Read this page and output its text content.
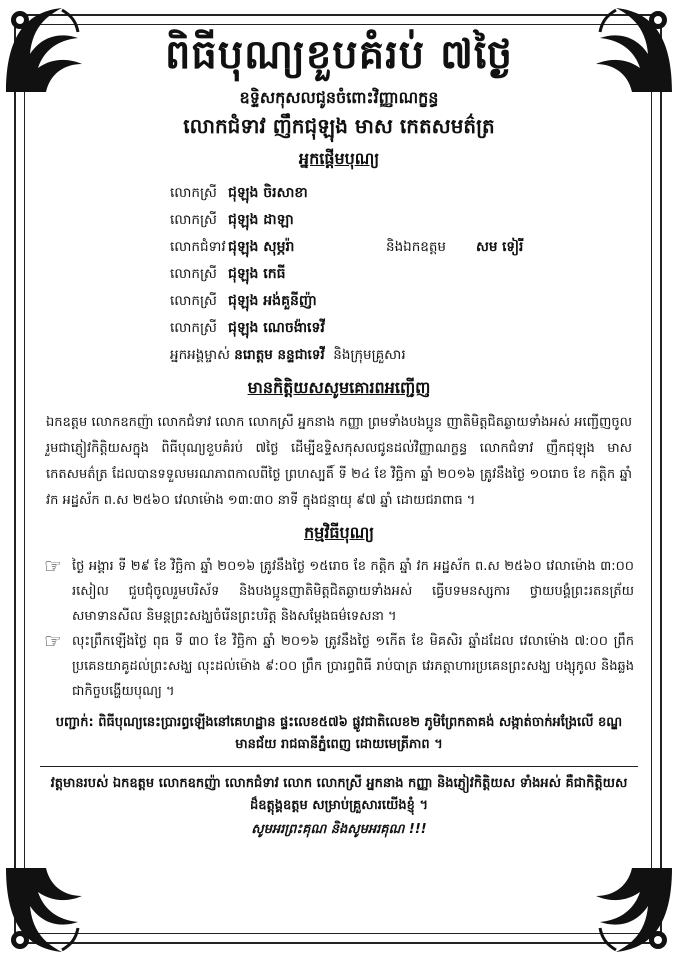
ពិធីបុណ្យខួបគំរប់ ៧ថ្ងៃ
ឧទ្ទិសកុសលជូនចំពោះវិញ្ញាណក្ខន្ធ
លោកជំទាវ ញឹកជុឡុង មាស កេតសមត៌ត្រ
អ្នកផ្ដើមបុណ្យ
លោកស្រី ជុឡុង ចិរសាខា
លោកស្រី ជុឡុង ដាឡា
លោកជំទាវ ជុឡុង សុម្ភរ៉ា	និងឯកឧត្តម	សម ទៀរី
លោកស្រី ជុឡុង កេធី
លោកស្រី ជុឡុង អង់គួនីញ៉ា
លោកស្រី ជុឡុង ណេចង៉ាទេវី
អ្នកអង្គម្ចាស់
នរោត្តម នន្ទជាទេវី
និងក្រុមគ្រួសារ
មានកិត្តិយសសូមគោរពអញ្ជើញ
ឯកឧត្តម លោកឧកញ៉ា លោកជំទាវ លោក លោកស្រី អ្នកនាង កញ្ញា ព្រមទាំងបងប្អូន ញាតិមិត្តជិតឆ្ងាយទាំងអស់ អញ្ជើញចូលរួមជាភ្ញៀវកិត្តិយសក្នុង ពិធីបុណ្យខួបគំរប់ ៧ថ្ងៃ ដើម្បីឧទ្ទិសកុសលជូនដល់វិញ្ញាណក្ខន្ធ លោកជំទាវ ញឹកជុឡុង មាស កេតសមត៌ត្រ ដែលបានទទួលមរណភាពកាលពីថ្ងៃ ព្រហស្បតិ៍ ទី ២៤ ខែ វិច្ឆិកា ឆ្នាំ ២០១៦ ត្រូវនឹងថ្ងៃ ១០រោច ខែ កត្តិក ឆ្នាំ វក អដ្ឋស័ក ព.ស ២៥៦០ វេលាម៉ោង ១៣:៣០ នាទី ក្នុងជន្មាយុ ៩៧ ឆ្នាំ ដោយជរាពាធ ។
កម្មវិធីបុណ្យ
☞ ថ្ងៃ អង្គារ ទី ២៩ ខែ វិច្ឆិកា ឆ្នាំ ២០១៦ ត្រូវនឹងថ្ងៃ ១៥រោច ខែ កត្តិក ឆ្នាំ វក អដ្ឋស័ក ព.ស ២៥៦០ វេលាម៉ោង ៣:០០ រសៀល ជួបជុំចូលរួមបរិស័ទ និងបងប្អូនញាតិមិត្តជិតឆ្ងាយទាំងអស់ ធ្វើបទមនស្សការ ថ្វាយបង្គំព្រះរតនត្រ័យ សមាទានសីល និមន្តព្រះសង្ឃចំរើនព្រះបរិត្ត និងសម្ដែងធម៌ទេសនា ។
☞ លុះព្រឹកឡើងថ្ងៃ ពុធ ទី ៣០ ខែ វិច្ឆិកា ឆ្នាំ ២០១៦ ត្រូវនឹងថ្ងៃ ១កើត ខែ មិគសិរ ឆ្នាំដដែល វេលាម៉ោង ៧:០០ ព្រឹក ប្រគេនយាគូដល់ព្រះសង្ឃ លុះដល់ម៉ោង ៩:០០ ព្រឹក ប្រារព្ធពិធី រាប់បាត្រ វេរភត្តាហារប្រគេនព្រះសង្ឃ បង្សុកូល និងឆ្លងជាកិច្ចបង្ហើយបុណ្យ ។
បញ្ជាក់: ពិធីបុណ្យនេះប្រារព្ធឡើងនៅគេហដ្ឋាន ផ្ទះលេខ៥៧៦ ផ្លូវជាតិលេខ២ ភូមិព្រែកតាគង់ សង្កាត់ចាក់អង្រែលើ ខណ្ឌមានជ័យ រាជធានីភ្នំពេញ ដោយមេត្រីភាព ។
វត្តមានរបស់ ឯកឧត្តម លោកឧកញ៉ា លោកជំទាវ លោក លោកស្រី អ្នកនាង កញ្ញា និងភ្ញៀវកិត្តិយស ទាំងអស់ គឺជាកិត្តិយសដ៏ឧត្តុង្គឧត្តម សម្រាប់គ្រួសារយើងខ្ញុំ ។
សូមអរព្រះគុណ និងសូមអរគុណ !!!
